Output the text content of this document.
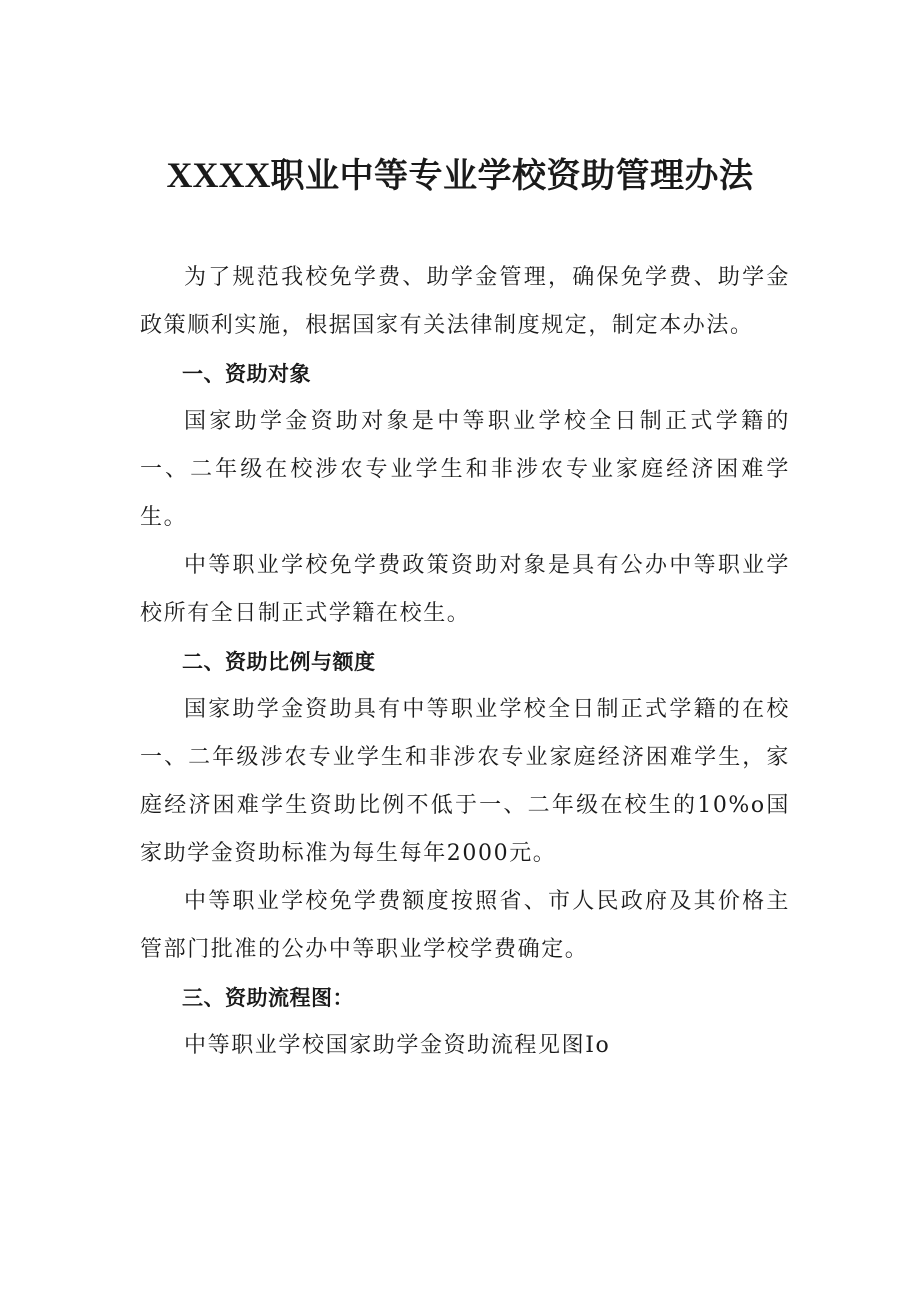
XXXX职业中等专业学校资助管理办法

为了规范我校免学费、助学金管理，确保免学费、助学金政策顺利实施，根据国家有关法律制度规定，制定本办法。

一、资助对象

国家助学金资助对象是中等职业学校全日制正式学籍的一、二年级在校涉农专业学生和非涉农专业家庭经济困难学生。

中等职业学校免学费政策资助对象是具有公办中等职业学校所有全日制正式学籍在校生。

二、资助比例与额度

国家助学金资助具有中等职业学校全日制正式学籍的在校一、二年级涉农专业学生和非涉农专业家庭经济困难学生，家庭经济困难学生资助比例不低于一、二年级在校生的10%o国家助学金资助标准为每生每年2000元。

中等职业学校免学费额度按照省、市人民政府及其价格主管部门批准的公办中等职业学校学费确定。

三、资助流程图：

中等职业学校国家助学金资助流程见图Io
